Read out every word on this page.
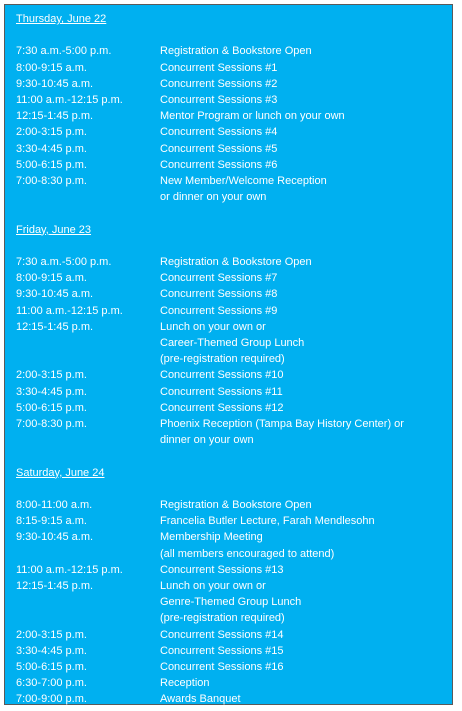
Thursday, June 22
7:30 a.m.-5:00 p.m.	Registration & Bookstore Open
8:00-9:15 a.m.	Concurrent Sessions #1
9:30-10:45 a.m.	Concurrent Sessions #2
11:00 a.m.-12:15 p.m.	Concurrent Sessions #3
12:15-1:45 p.m.	Mentor Program or lunch on your own
2:00-3:15 p.m.	Concurrent Sessions #4
3:30-4:45 p.m.	Concurrent Sessions #5
5:00-6:15 p.m.	Concurrent Sessions #6
7:00-8:30 p.m.	New Member/Welcome Reception
or dinner on your own
Friday, June 23
7:30 a.m.-5:00 p.m.	Registration & Bookstore Open
8:00-9:15 a.m.	Concurrent Sessions #7
9:30-10:45 a.m.	Concurrent Sessions #8
11:00 a.m.-12:15 p.m.	Concurrent Sessions #9
12:15-1:45 p.m.	Lunch on your own or
Career-Themed Group Lunch
(pre-registration required)
2:00-3:15 p.m.	Concurrent Sessions #10
3:30-4:45 p.m.	Concurrent Sessions #11
5:00-6:15 p.m.	Concurrent Sessions #12
7:00-8:30 p.m.	Phoenix Reception (Tampa Bay History Center) or
dinner on your own
Saturday, June 24
8:00-11:00 a.m.	Registration & Bookstore Open
8:15-9:15 a.m.	Francelia Butler Lecture, Farah Mendlesohn
9:30-10:45 a.m.	Membership Meeting
(all members encouraged to attend)
11:00 a.m.-12:15 p.m.	Concurrent Sessions #13
12:15-1:45 p.m.	Lunch on your own or
Genre-Themed Group Lunch
(pre-registration required)
2:00-3:15 p.m.	Concurrent Sessions #14
3:30-4:45 p.m.	Concurrent Sessions #15
5:00-6:15 p.m.	Concurrent Sessions #16
6:30-7:00 p.m.	Reception
7:00-9:00 p.m.	Awards Banquet
